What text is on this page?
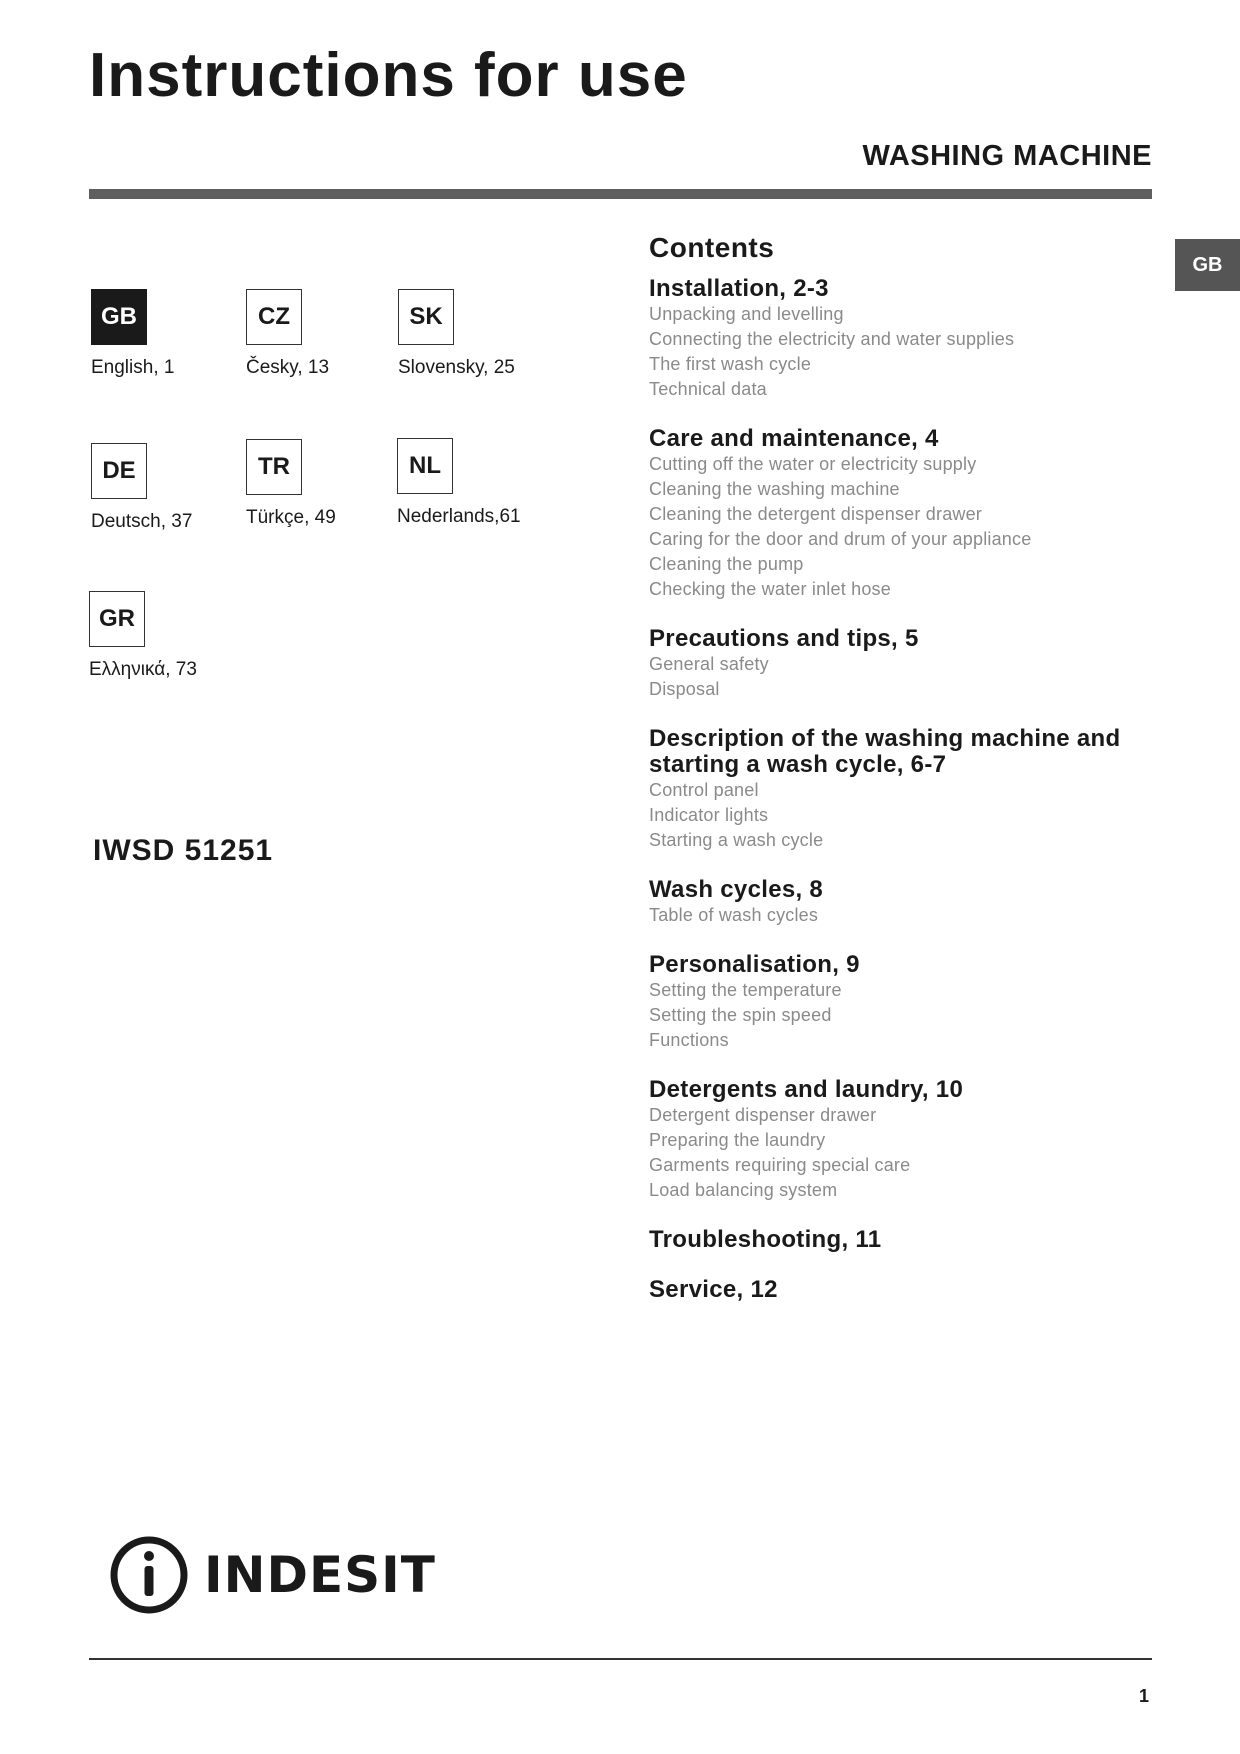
Instructions for use
WASHING MACHINE
GB
GB
English, 1
CZ
Česky, 13
SK
Slovensky, 25
DE
Deutsch, 37
TR
Türkçe, 49
NL
Nederlands,61
GR
Ελληνικά, 73
IWSD 51251
Contents
Installation, 2-3
Unpacking and levelling
Connecting the electricity and water supplies
The first wash cycle
Technical data
Care and maintenance, 4
Cutting off the water or electricity supply
Cleaning the washing machine
Cleaning the detergent dispenser drawer
Caring for the door and drum of your appliance
Cleaning the pump
Checking the water inlet hose
Precautions and tips, 5
General safety
Disposal
Description of the washing machine and starting a wash cycle, 6-7
Control panel
Indicator lights
Starting a wash cycle
Wash cycles, 8
Table of wash cycles
Personalisation, 9
Setting the temperature
Setting the spin speed
Functions
Detergents and laundry, 10
Detergent dispenser drawer
Preparing the laundry
Garments requiring special care
Load balancing system
Troubleshooting, 11
Service, 12
INDESIT
1
